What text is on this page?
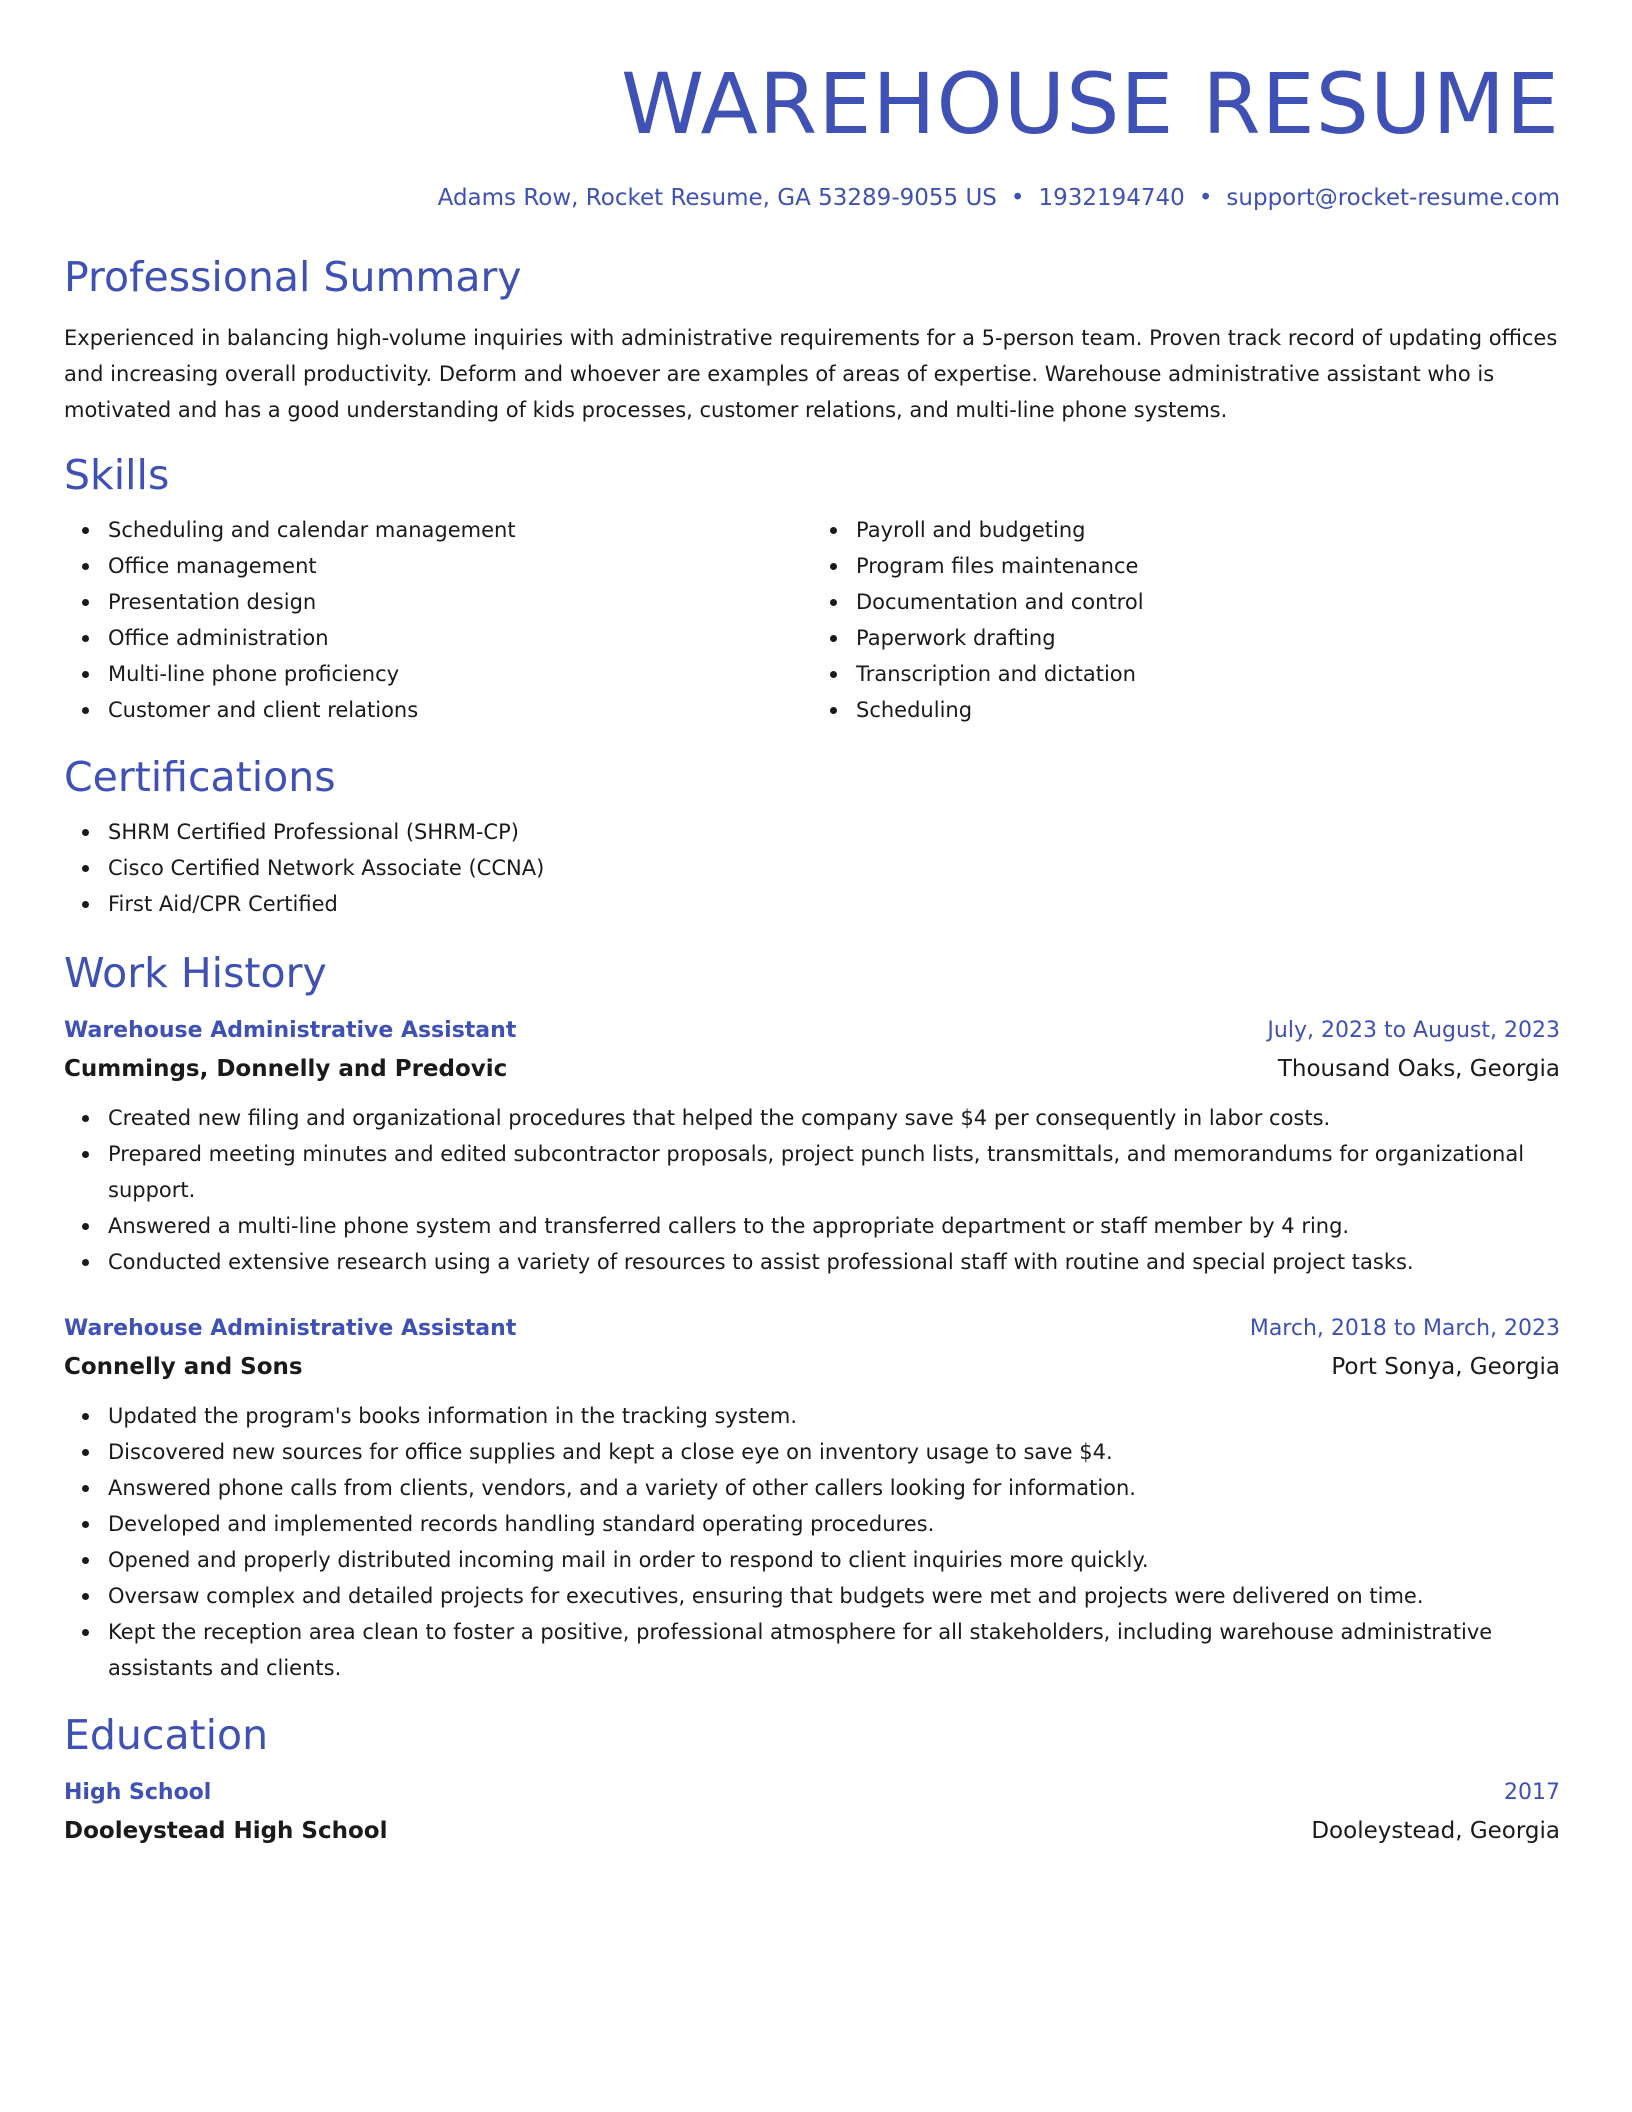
WAREHOUSE RESUME
Adams Row, Rocket Resume, GA 53289-9055 US • 1932194740 • support@rocket-resume.com
Professional Summary

Experienced in balancing high-volume inquiries with administrative requirements for a 5-person team. Proven track record of updating offices and increasing overall productivity. Deform and whoever are examples of areas of expertise. Warehouse administrative assistant who is motivated and has a good understanding of kids processes, customer relations, and multi-line phone systems.

Skills
Scheduling and calendar management
Office management
Presentation design
Office administration
Multi-line phone proficiency
Customer and client relations
Payroll and budgeting
Program files maintenance
Documentation and control
Paperwork drafting
Transcription and dictation
Scheduling
Certifications
SHRM Certified Professional (SHRM-CP)
Cisco Certified Network Associate (CCNA)
First Aid/CPR Certified
Work History
Warehouse Administrative Assistant	July, 2023 to August, 2023
Cummings, Donnelly and Predovic	Thousand Oaks, Georgia
Created new filing and organizational procedures that helped the company save $4 per consequently in labor costs.
Prepared meeting minutes and edited subcontractor proposals, project punch lists, transmittals, and memorandums for organizational support.
Answered a multi-line phone system and transferred callers to the appropriate department or staff member by 4 ring.
Conducted extensive research using a variety of resources to assist professional staff with routine and special project tasks.
Warehouse Administrative Assistant	March, 2018 to March, 2023
Connelly and Sons	Port Sonya, Georgia
Updated the program's books information in the tracking system.
Discovered new sources for office supplies and kept a close eye on inventory usage to save $4.
Answered phone calls from clients, vendors, and a variety of other callers looking for information.
Developed and implemented records handling standard operating procedures.
Opened and properly distributed incoming mail in order to respond to client inquiries more quickly.
Oversaw complex and detailed projects for executives, ensuring that budgets were met and projects were delivered on time.
Kept the reception area clean to foster a positive, professional atmosphere for all stakeholders, including warehouse administrative assistants and clients.
Education
High School	2017
Dooleystead High School	Dooleystead, Georgia
